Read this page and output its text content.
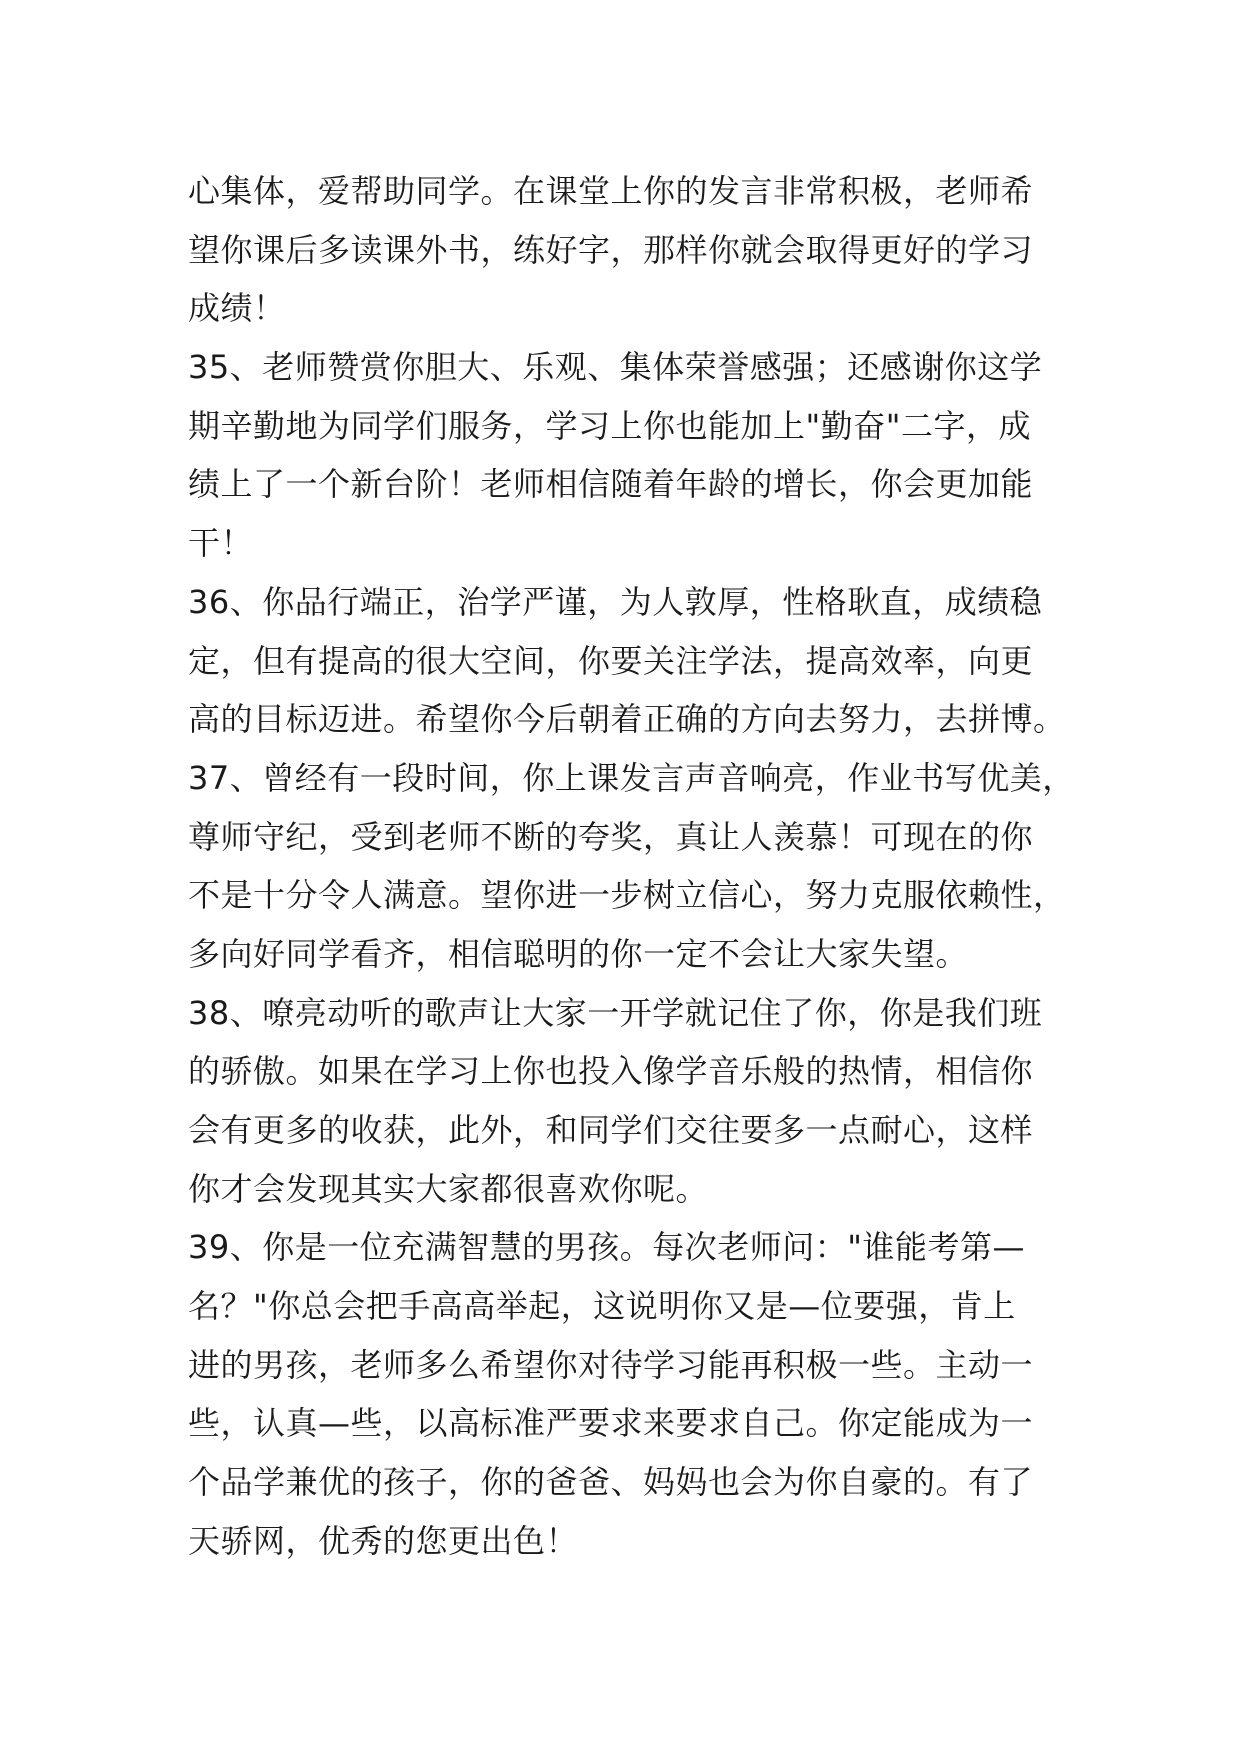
心集体，爱帮助同学。在课堂上你的发言非常积极，老师希
望你课后多读课外书，练好字，那样你就会取得更好的学习
成绩！
35、老师赞赏你胆大、乐观、集体荣誉感强；还感谢你这学
期辛勤地为同学们服务，学习上你也能加上"勤奋"二字，成
绩上了一个新台阶！老师相信随着年龄的增长，你会更加能
干！
36、你品行端正，治学严谨，为人敦厚，性格耿直，成绩稳
定，但有提高的很大空间，你要关注学法，提高效率，向更
高的目标迈进。希望你今后朝着正确的方向去努力，去拼博。
37、曾经有一段时间，你上课发言声音响亮，作业书写优美，
尊师守纪，受到老师不断的夸奖，真让人羡慕！可现在的你
不是十分令人满意。望你进一步树立信心，努力克服依赖性，
多向好同学看齐，相信聪明的你一定不会让大家失望。
38、嘹亮动听的歌声让大家一开学就记住了你，你是我们班
的骄傲。如果在学习上你也投入像学音乐般的热情，相信你
会有更多的收获，此外，和同学们交往要多一点耐心，这样
你才会发现其实大家都很喜欢你呢。
39、你是一位充满智慧的男孩。每次老师问："谁能考第—
名？"你总会把手高高举起，这说明你又是—位要强，肯上
进的男孩，老师多么希望你对待学习能再积极一些。主动一
些，认真—些，以高标准严要求来要求自己。你定能成为一
个品学兼优的孩子，你的爸爸、妈妈也会为你自豪的。有了
天骄网，优秀的您更出色！
